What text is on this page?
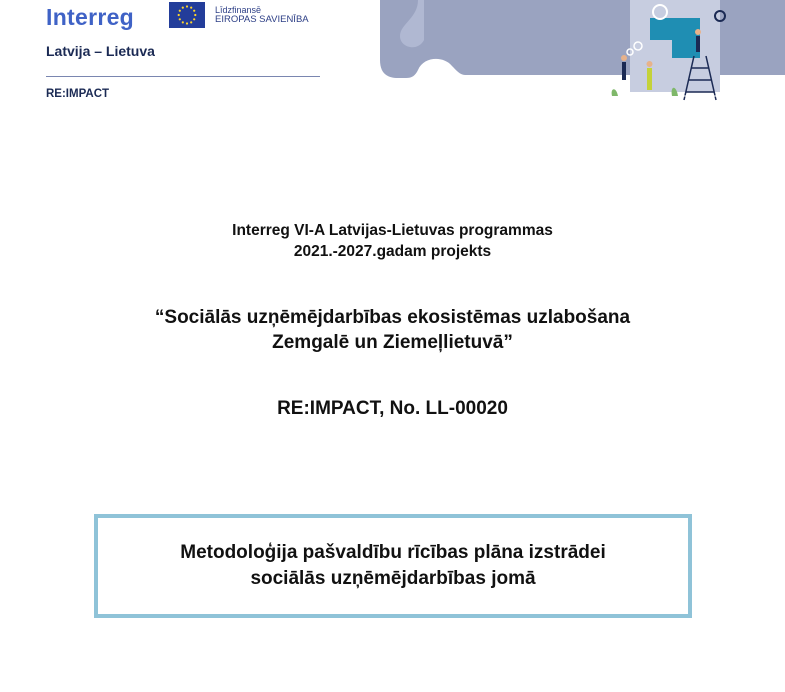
Interreg	Līdzfinansē
EIROPAS SAVIENĪBA
Latvija – Lietuva
RE:IMPACT
Interreg VI-A Latvijas-Lietuvas programmas
2021.-2027.gadam projekts
“Sociālās uzņēmējdarbības ekosistēmas uzlabošana
Zemgalē un Ziemeļlietuvā”
RE:IMPACT, No. LL-00020
Metodoloģija pašvaldību rīcības plāna izstrādei
sociālās uzņēmējdarbības jomā
